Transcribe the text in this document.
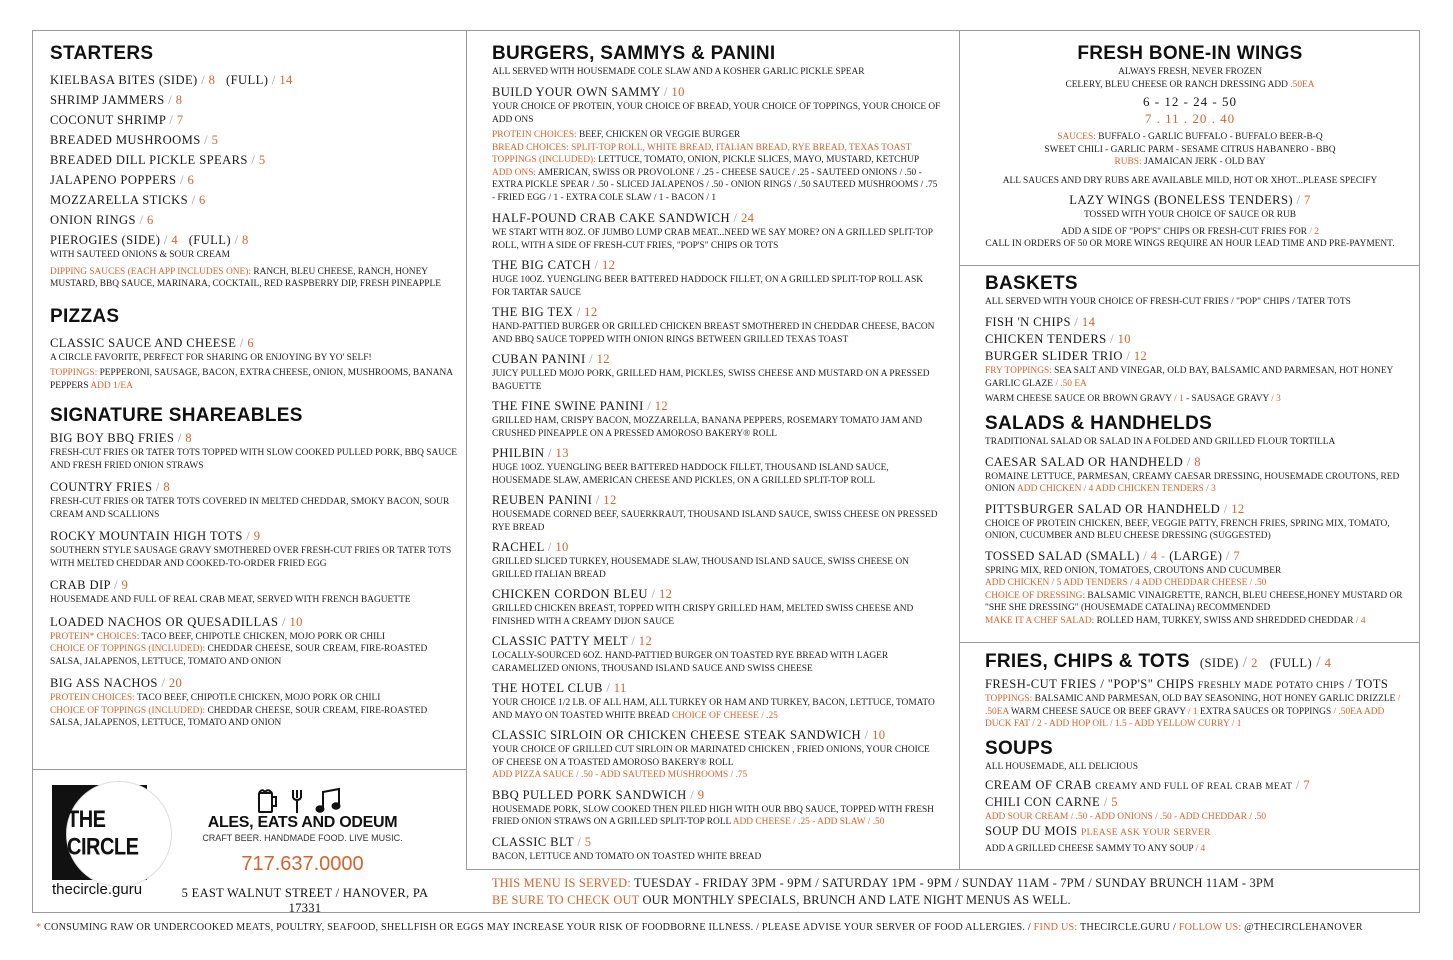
STARTERS
KIELBASA BITES (SIDE) / 8 (FULL) / 14
SHRIMP JAMMERS / 8
COCONUT SHRIMP / 7
BREADED MUSHROOMS / 5
BREADED DILL PICKLE SPEARS / 5
JALAPENO POPPERS / 6
MOZZARELLA STICKS / 6
ONION RINGS / 6
PIEROGIES (SIDE) / 4 (FULL) / 8
WITH SAUTEED ONIONS & SOUR CREAM
DIPPING SAUCES (EACH APP INCLUDES ONE): RANCH, BLEU CHEESE, RANCH, HONEY MUSTARD, BBQ SAUCE, MARINARA, COCKTAIL, RED RASPBERRY DIP, FRESH PINEAPPLE
PIZZAS
CLASSIC SAUCE AND CHEESE / 6
A CIRCLE FAVORITE, PERFECT FOR SHARING OR ENJOYING BY YO' SELF!
TOPPINGS: PEPPERONI, SAUSAGE, BACON, EXTRA CHEESE, ONION, MUSHROOMS, BANANA PEPPERS ADD 1/EA
SIGNATURE SHAREABLES
BIG BOY BBQ FRIES / 8
FRESH-CUT FRIES OR TATER TOTS TOPPED WITH SLOW COOKED PULLED PORK, BBQ SAUCE AND FRESH FRIED ONION STRAWS
COUNTRY FRIES / 8
FRESH-CUT FRIES OR TATER TOTS COVERED IN MELTED CHEDDAR, SMOKY BACON, SOUR CREAM AND SCALLIONS
ROCKY MOUNTAIN HIGH TOTS / 9
SOUTHERN STYLE SAUSAGE GRAVY SMOTHERED OVER FRESH-CUT FRIES OR TATER TOTS WITH MELTED CHEDDAR AND COOKED-TO-ORDER FRIED EGG
CRAB DIP / 9
HOUSEMADE AND FULL OF REAL CRAB MEAT, SERVED WITH FRENCH BAGUETTE
LOADED NACHOS OR QUESADILLAS / 10
PROTEIN* CHOICES: TACO BEEF, CHIPOTLE CHICKEN, MOJO PORK OR CHILI
CHOICE OF TOPPINGS (INCLUDED): CHEDDAR CHEESE, SOUR CREAM, FIRE-ROASTED SALSA, JALAPENOS, LETTUCE, TOMATO AND ONION
BIG ASS NACHOS / 20
PROTEIN CHOICES: TACO BEEF, CHIPOTLE CHICKEN, MOJO PORK OR CHILI
CHOICE OF TOPPINGS (INCLUDED): CHEDDAR CHEESE, SOUR CREAM, FIRE-ROASTED SALSA, JALAPENOS, LETTUCE, TOMATO AND ONION
THE CIRCLE
thecircle.guru
ALES, EATS AND ODEUM
CRAFT BEER. HANDMADE FOOD. LIVE MUSIC.
717.637.0000
5 EAST WALNUT STREET / HANOVER, PA 17331
BURGERS, SAMMYS & PANINI
ALL SERVED WITH HOUSEMADE COLE SLAW AND A KOSHER GARLIC PICKLE SPEAR
BUILD YOUR OWN SAMMY / 10
YOUR CHOICE OF PROTEIN, YOUR CHOICE OF BREAD, YOUR CHOICE OF TOPPINGS, YOUR CHOICE OF ADD ONS
PROTEIN CHOICES: BEEF, CHICKEN OR VEGGIE BURGER
BREAD CHOICES: SPLIT-TOP ROLL, WHITE BREAD, ITALIAN BREAD, RYE BREAD, TEXAS TOAST
TOPPINGS (INCLUDED): LETTUCE, TOMATO, ONION, PICKLE SLICES, MAYO, MUSTARD, KETCHUP
ADD ONS: AMERICAN, SWISS OR PROVOLONE / .25 - CHEESE SAUCE / .25 - SAUTEED ONIONS / .50 - EXTRA PICKLE SPEAR / .50 - SLICED JALAPENOS / .50 - ONION RINGS / .50 SAUTEED MUSHROOMS / .75 - FRIED EGG / 1 - EXTRA COLE SLAW / 1 - BACON / 1
HALF-POUND CRAB CAKE SANDWICH / 24
WE START WITH 8OZ. OF JUMBO LUMP CRAB MEAT...NEED WE SAY MORE? ON A GRILLED SPLIT-TOP ROLL, WITH A SIDE OF FRESH-CUT FRIES, "POP'S" CHIPS OR TOTS
THE BIG CATCH / 12
HUGE 10OZ. YUENGLING BEER BATTERED HADDOCK FILLET, ON A GRILLED SPLIT-TOP ROLL ASK FOR TARTAR SAUCE
THE BIG TEX / 12
HAND-PATTIED BURGER OR GRILLED CHICKEN BREAST SMOTHERED IN CHEDDAR CHEESE, BACON AND BBQ SAUCE TOPPED WITH ONION RINGS BETWEEN GRILLED TEXAS TOAST
CUBAN PANINI / 12
JUICY PULLED MOJO PORK, GRILLED HAM, PICKLES, SWISS CHEESE AND MUSTARD ON A PRESSED BAGUETTE
THE FINE SWINE PANINI / 12
GRILLED HAM, CRISPY BACON, MOZZARELLA, BANANA PEPPERS, ROSEMARY TOMATO JAM AND CRUSHED PINEAPPLE ON A PRESSED AMOROSO BAKERY® ROLL
PHILBIN / 13
HUGE 10OZ. YUENGLING BEER BATTERED HADDOCK FILLET, THOUSAND ISLAND SAUCE, HOUSEMADE SLAW, AMERICAN CHEESE AND PICKLES, ON A GRILLED SPLIT-TOP ROLL
REUBEN PANINI / 12
HOUSEMADE CORNED BEEF, SAUERKRAUT, THOUSAND ISLAND SAUCE, SWISS CHEESE ON PRESSED RYE BREAD
RACHEL / 10
GRILLED SLICED TURKEY, HOUSEMADE SLAW, THOUSAND ISLAND SAUCE, SWISS CHEESE ON GRILLED ITALIAN BREAD
CHICKEN CORDON BLEU / 12
GRILLED CHICKEN BREAST, TOPPED WITH CRISPY GRILLED HAM, MELTED SWISS CHEESE AND FINISHED WITH A CREAMY DIJON SAUCE
CLASSIC PATTY MELT / 12
LOCALLY-SOURCED 6OZ. HAND-PATTIED BURGER ON TOASTED RYE BREAD WITH LAGER CARAMELIZED ONIONS, THOUSAND ISLAND SAUCE AND SWISS CHEESE
THE HOTEL CLUB / 11
YOUR CHOICE 1/2 LB. OF ALL HAM, ALL TURKEY OR HAM AND TURKEY, BACON, LETTUCE, TOMATO AND MAYO ON TOASTED WHITE BREAD CHOICE OF CHEESE / .25
CLASSIC SIRLOIN OR CHICKEN CHEESE STEAK SANDWICH / 10
YOUR CHOICE OF GRILLED CUT SIRLOIN OR MARINATED CHICKEN , FRIED ONIONS, YOUR CHOICE OF CHEESE ON A TOASTED AMOROSO BAKERY® ROLL
ADD PIZZA SAUCE / .50 - ADD SAUTEED MUSHROOMS / .75
BBQ PULLED PORK SANDWICH / 9
HOUSEMADE PORK, SLOW COOKED THEN PILED HIGH WITH OUR BBQ SAUCE, TOPPED WITH FRESH FRIED ONION STRAWS ON A GRILLED SPLIT-TOP ROLL ADD CHEESE / .25 - ADD SLAW / .50
CLASSIC BLT / 5
BACON, LETTUCE AND TOMATO ON TOASTED WHITE BREAD
THIS MENU IS SERVED: TUESDAY - FRIDAY 3PM - 9PM / SATURDAY 1PM - 9PM / SUNDAY 11AM - 7PM / SUNDAY BRUNCH 11AM - 3PM
BE SURE TO CHECK OUT OUR MONTHLY SPECIALS, BRUNCH AND LATE NIGHT MENUS AS WELL.
FRESH BONE-IN WINGS
ALWAYS FRESH, NEVER FROZEN
CELERY, BLEU CHEESE OR RANCH DRESSING ADD .50EA
6 - 12 - 24 - 50
7 . 11 . 20 . 40
SAUCES: BUFFALO - GARLIC BUFFALO - BUFFALO BEER-B-Q
SWEET CHILI - GARLIC PARM - SESAME CITRUS HABANERO - BBQ
RUBS: JAMAICAN JERK - OLD BAY
ALL SAUCES AND DRY RUBS ARE AVAILABLE MILD, HOT OR XHOT...PLEASE SPECIFY
LAZY WINGS (BONELESS TENDERS) / 7
TOSSED WITH YOUR CHOICE OF SAUCE OR RUB
ADD A SIDE OF "POP'S" CHIPS OR FRESH-CUT FRIES FOR / 2
CALL IN ORDERS OF 50 OR MORE WINGS REQUIRE AN HOUR LEAD TIME AND PRE-PAYMENT.
BASKETS
ALL SERVED WITH YOUR CHOICE OF FRESH-CUT FRIES / "POP" CHIPS / TATER TOTS
FISH 'N CHIPS / 14
CHICKEN TENDERS / 10
BURGER SLIDER TRIO / 12
FRY TOPPINGS: SEA SALT AND VINEGAR, OLD BAY, BALSAMIC AND PARMESAN, HOT HONEY GARLIC GLAZE / .50 EA
WARM CHEESE SAUCE OR BROWN GRAVY / 1 - SAUSAGE GRAVY / 3
SALADS & HANDHELDS
TRADITIONAL SALAD OR SALAD IN A FOLDED AND GRILLED FLOUR TORTILLA
CAESAR SALAD OR HANDHELD / 8
ROMAINE LETTUCE, PARMESAN, CREAMY CAESAR DRESSING, HOUSEMADE CROUTONS, RED ONION ADD CHICKEN / 4 ADD CHICKEN TENDERS / 3
PITTSBURGER SALAD OR HANDHELD / 12
CHOICE OF PROTEIN CHICKEN, BEEF, VEGGIE PATTY, FRENCH FRIES, SPRING MIX, TOMATO, ONION, CUCUMBER AND BLEU CHEESE DRESSING (SUGGESTED)
TOSSED SALAD (SMALL) / 4 - (LARGE) / 7
SPRING MIX, RED ONION, TOMATOES, CROUTONS AND CUCUMBER
ADD CHICKEN / 5 ADD TENDERS / 4 ADD CHEDDAR CHEESE / .50
CHOICE OF DRESSING: BALSAMIC VINAIGRETTE, RANCH, BLEU CHEESE,HONEY MUSTARD OR "SHE SHE DRESSING" (HOUSEMADE CATALINA) RECOMMENDED
MAKE IT A CHEF SALAD: ROLLED HAM, TURKEY, SWISS AND SHREDDED CHEDDAR / 4
FRIES, CHIPS & TOTS (SIDE) / 2 (FULL) / 4
FRESH-CUT FRIES / "POP'S" CHIPS FRESHLY MADE POTATO CHIPS / TOTS
TOPPINGS: BALSAMIC AND PARMESAN, OLD BAY SEASONING, HOT HONEY GARLIC DRIZZLE / .50EA WARM CHEESE SAUCE OR BEEF GRAVY / 1 EXTRA SAUCES OR TOPPINGS / .50EA ADD DUCK FAT / 2 - ADD HOP OIL / 1.5 - ADD YELLOW CURRY / 1
SOUPS
ALL HOUSEMADE, ALL DELICIOUS
CREAM OF CRAB CREAMY AND FULL OF REAL CRAB MEAT / 7
CHILI CON CARNE / 5
ADD SOUR CREAM / .50 - ADD ONIONS / .50 - ADD CHEDDAR / .50
SOUP DU MOIS PLEASE ASK YOUR SERVER
ADD A GRILLED CHEESE SAMMY TO ANY SOUP / 4
* CONSUMING RAW OR UNDERCOOKED MEATS, POULTRY, SEAFOOD, SHELLFISH OR EGGS MAY INCREASE YOUR RISK OF FOODBORNE ILLNESS. / PLEASE ADVISE YOUR SERVER OF FOOD ALLERGIES. / FIND US: THECIRCLE.GURU / FOLLOW US: @THECIRCLEHANOVER
